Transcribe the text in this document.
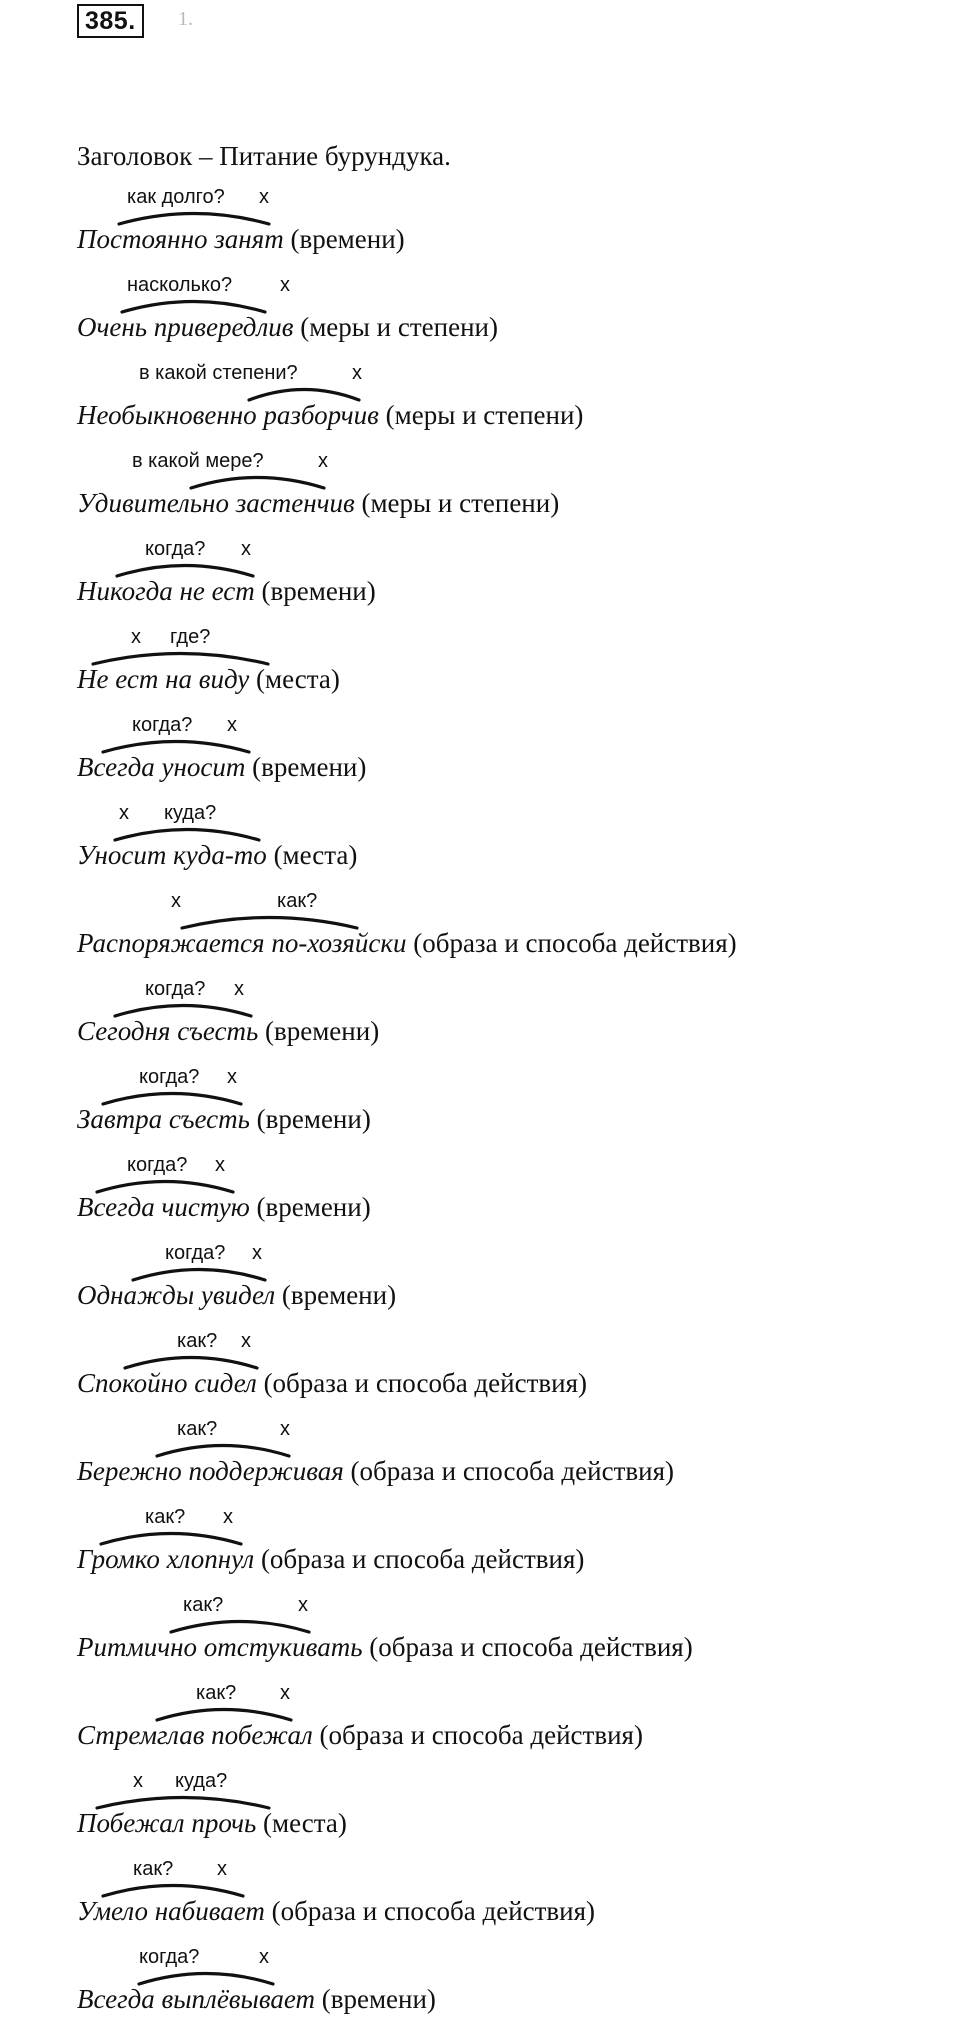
385.	1.
Заголовок – Питание бурундука.
как долго? x
Постоянно занят (времени)
насколько? x
Очень привередлив (меры и степени)
в какой степени?	x
Необыкновенно разборчив (меры и степени)
в какой мере?	x
Удивительно застенчив (меры и степени)
когда? x
Никогда не ест (времени)
где?
x
Не ест на виду (места)
когда? x
Всегда уносит (времени)
куда?
x
Уносит куда-то (места)
как?
x
Распоряжается по-хозяйски (образа и способа действия)
когда? x
Сегодня съесть (времени)
когда? x
Завтра съесть (времени)
когда? x
Всегда чистую (времени)
когда? x
Однажды увидел (времени)
как? x
Спокойно сидел (образа и способа действия)
как?	x
Бережно поддерживая (образа и способа действия)
как? x
Громко хлопнул (образа и способа действия)
как?	x
Ритмично отстукивать (образа и способа действия)
как? x
Стремглав побежал (образа и способа действия)
куда?
x
Побежал прочь (места)
как? x
Умело набивает (образа и способа действия)
когда?	x
Всегда выплёвывает (времени)
